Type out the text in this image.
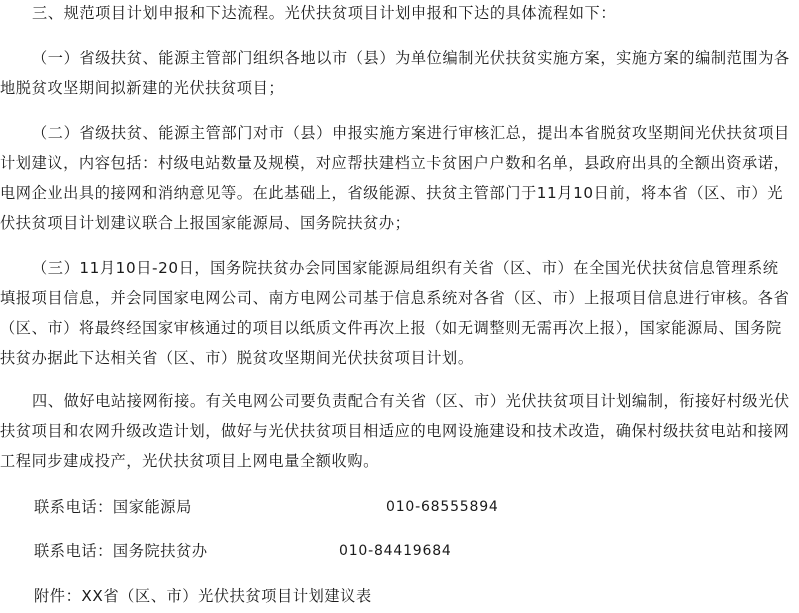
三、规范项目计划申报和下达流程。光伏扶贫项目计划申报和下达的具体流程如下：

（一）省级扶贫、能源主管部门组织各地以市（县）为单位编制光伏扶贫实施方案，实施方案的编制范围为各地脱贫攻坚期间拟新建的光伏扶贫项目；

（二）省级扶贫、能源主管部门对市（县）申报实施方案进行审核汇总，提出本省脱贫攻坚期间光伏扶贫项目计划建议，内容包括：村级电站数量及规模，对应帮扶建档立卡贫困户户数和名单，县政府出具的全额出资承诺，电网企业出具的接网和消纳意见等。在此基础上，省级能源、扶贫主管部门于11月10日前，将本省（区、市）光伏扶贫项目计划建议联合上报国家能源局、国务院扶贫办；

（三）11月10日-20日，国务院扶贫办会同国家能源局组织有关省（区、市）在全国光伏扶贫信息管理系统填报项目信息，并会同国家电网公司、南方电网公司基于信息系统对各省（区、市）上报项目信息进行审核。各省（区、市）将最终经国家审核通过的项目以纸质文件再次上报（如无调整则无需再次上报），国家能源局、国务院扶贫办据此下达相关省（区、市）脱贫攻坚期间光伏扶贫项目计划。

四、做好电站接网衔接。有关电网公司要负责配合有关省（区、市）光伏扶贫项目计划编制，衔接好村级光伏扶贫项目和农网升级改造计划，做好与光伏扶贫项目相适应的电网设施建设和技术改造，确保村级扶贫电站和接网工程同步建成投产，光伏扶贫项目上网电量全额收购。

联系电话：国家能源局	010-68555894
联系电话：国务院扶贫办	010-84419684
附件：XX省（区、市）光伏扶贫项目计划建议表
